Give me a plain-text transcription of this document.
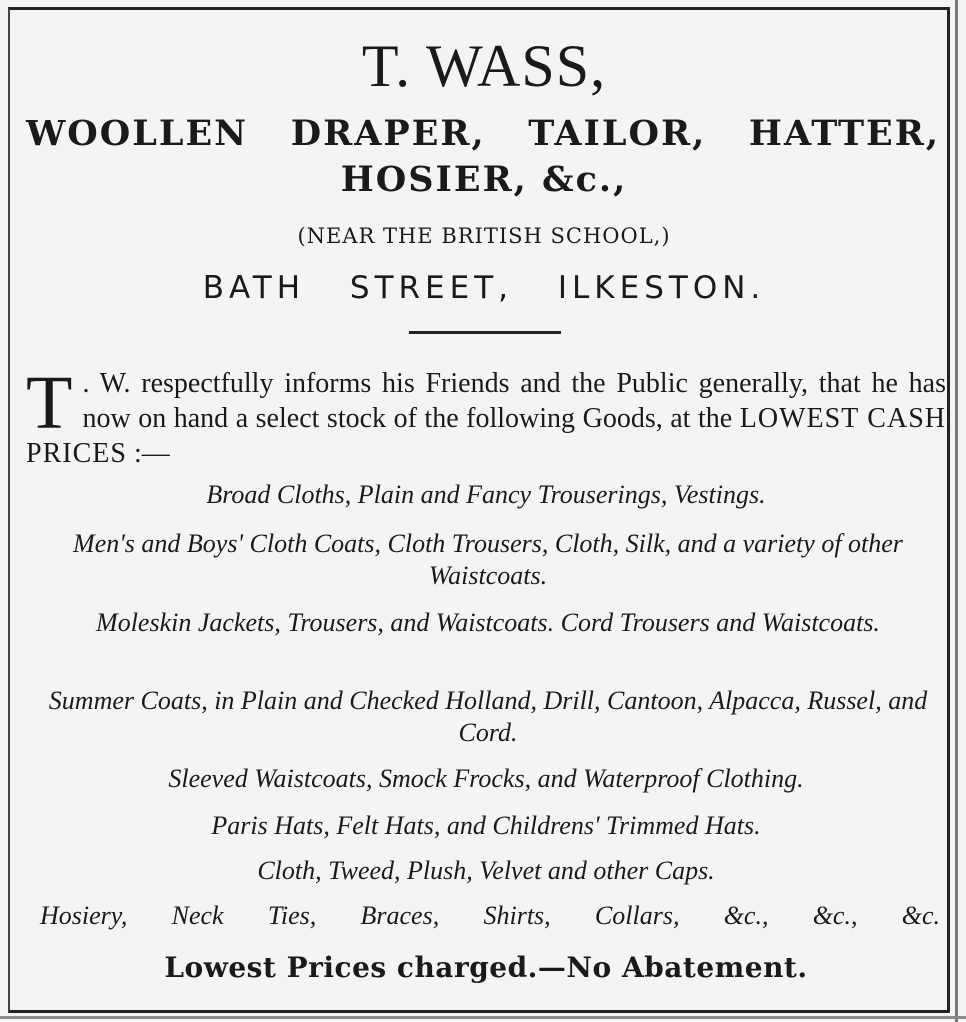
T. WASS,
WOOLLEN DRAPER, TAILOR, HATTER,
HOSIER, &c.,
(NEAR THE BRITISH SCHOOL,)
BATH STREET, ILKESTON.
T . W. respectfully informs his Friends and the Public generally, that he has now on hand a select stock of the following Goods, at the LOWEST CASH PRICES :—
Broad Cloths, Plain and Fancy Trouserings, Vestings.
Men's and Boys' Cloth Coats, Cloth Trousers, Cloth, Silk, and a variety of other Waistcoats.
Moleskin Jackets, Trousers, and Waistcoats. Cord Trousers and Waistcoats.
Summer Coats, in Plain and Checked Holland, Drill, Cantoon, Alpacca, Russel, and Cord.
Sleeved Waistcoats, Smock Frocks, and Waterproof Clothing.
Paris Hats, Felt Hats, and Childrens' Trimmed Hats.
Cloth, Tweed, Plush, Velvet and other Caps.
Hosiery, Neck Ties, Braces, Shirts, Collars, &c., &c., &c.
Lowest Prices charged.—No Abatement.
